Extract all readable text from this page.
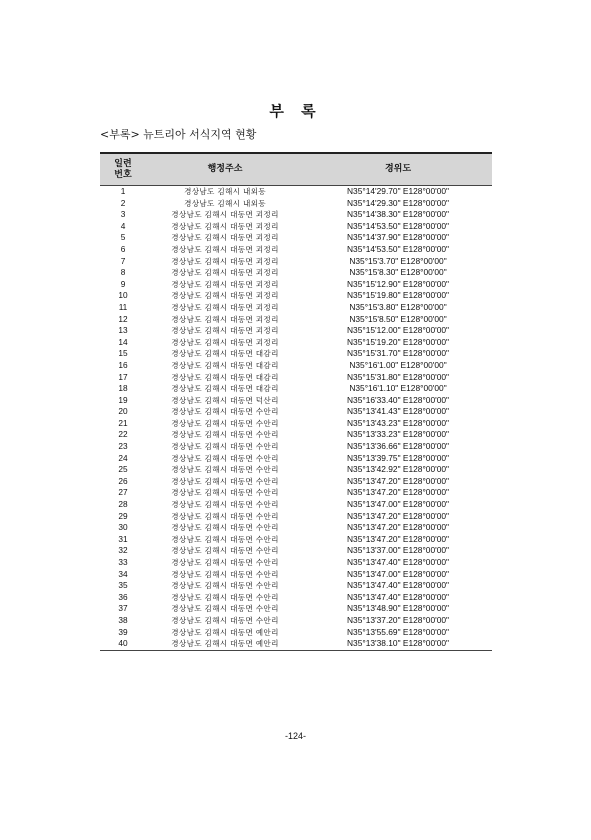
부 록
<부록> 뉴트리아 서식지역 현황
일련
번호	행정주소	경위도
1	경상남도 김해시 내외동	N35°14'29.70" E128°00'00"
2	경상남도 김해시 내외동	N35°14'29.30" E128°00'00"
3	경상남도 김해시 대동면 괴정리	N35°14'38.30" E128°00'00"
4	경상남도 김해시 대동면 괴정리	N35°14'53.50" E128°00'00"
5	경상남도 김해시 대동면 괴정리	N35°14'37.90" E128°00'00"
6	경상남도 김해시 대동면 괴정리	N35°14'53.50" E128°00'00"
7	경상남도 김해시 대동면 괴정리	N35°15'3.70" E128°00'00"
8	경상남도 김해시 대동면 괴정리	N35°15'8.30" E128°00'00"
9	경상남도 김해시 대동면 괴정리	N35°15'12.90" E128°00'00"
10	경상남도 김해시 대동면 괴정리	N35°15'19.80" E128°00'00"
11	경상남도 김해시 대동면 괴정리	N35°15'3.80" E128°00'00"
12	경상남도 김해시 대동면 괴정리	N35°15'8.50" E128°00'00"
13	경상남도 김해시 대동면 괴정리	N35°15'12.00" E128°00'00"
14	경상남도 김해시 대동면 괴정리	N35°15'19.20" E128°00'00"
15	경상남도 김해시 대동면 대감리	N35°15'31.70" E128°00'00"
16	경상남도 김해시 대동면 대감리	N35°16'1.00" E128°00'00"
17	경상남도 김해시 대동면 대감리	N35°15'31.80" E128°00'00"
18	경상남도 김해시 대동면 대감리	N35°16'1.10" E128°00'00"
19	경상남도 김해시 대동면 덕산리	N35°16'33.40" E128°00'00"
20	경상남도 김해시 대동면 수안리	N35°13'41.43" E128°00'00"
21	경상남도 김해시 대동면 수안리	N35°13'43.23" E128°00'00"
22	경상남도 김해시 대동면 수안리	N35°13'33.23" E128°00'00"
23	경상남도 김해시 대동면 수안리	N35°13'36.66" E128°00'00"
24	경상남도 김해시 대동면 수안리	N35°13'39.75" E128°00'00"
25	경상남도 김해시 대동면 수안리	N35°13'42.92" E128°00'00"
26	경상남도 김해시 대동면 수안리	N35°13'47.20" E128°00'00"
27	경상남도 김해시 대동면 수안리	N35°13'47.20" E128°00'00"
28	경상남도 김해시 대동면 수안리	N35°13'47.00" E128°00'00"
29	경상남도 김해시 대동면 수안리	N35°13'47.20" E128°00'00"
30	경상남도 김해시 대동면 수안리	N35°13'47.20" E128°00'00"
31	경상남도 김해시 대동면 수안리	N35°13'47.20" E128°00'00"
32	경상남도 김해시 대동면 수안리	N35°13'37.00" E128°00'00"
33	경상남도 김해시 대동면 수안리	N35°13'47.40" E128°00'00"
34	경상남도 김해시 대동면 수안리	N35°13'47.00" E128°00'00"
35	경상남도 김해시 대동면 수안리	N35°13'47.40" E128°00'00"
36	경상남도 김해시 대동면 수안리	N35°13'47.40" E128°00'00"
37	경상남도 김해시 대동면 수안리	N35°13'48.90" E128°00'00"
38	경상남도 김해시 대동면 수안리	N35°13'37.20" E128°00'00"
39	경상남도 김해시 대동면 예안리	N35°13'55.69" E128°00'00"
40	경상남도 김해시 대동면 예안리	N35°13'38.10" E128°00'00"
-124-
